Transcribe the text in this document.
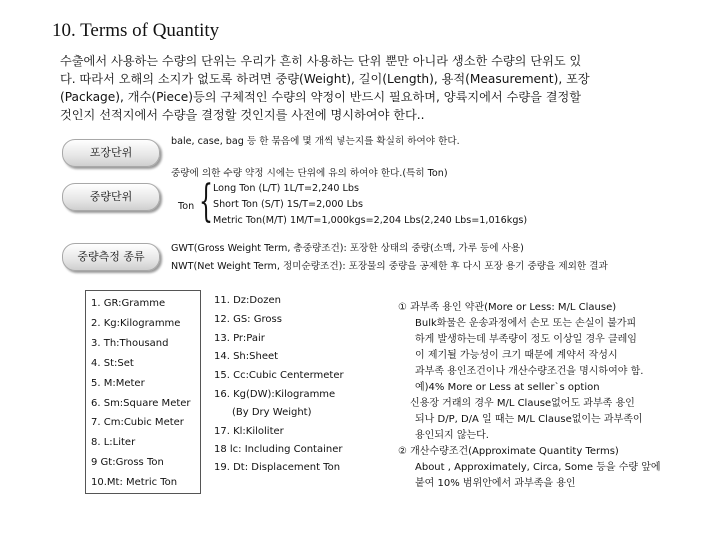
10. Terms of Quantity
수출에서 사용하는 수량의 단위는 우리가 흔히 사용하는 단위 뿐만 아니라 생소한 수량의 단위도 있
다. 따라서 오해의 소지가 없도록 하려면 중량(Weight), 길이(Length), 용적(Measurement), 포장
(Package), 개수(Piece)등의 구체적인 수량의 약정이 반드시 필요하며, 양륙지에서 수량을 결정할
것인지 선적지에서 수량을 결정할 것인지를 사전에 명시하여야 한다..
포장단위
중량단위
중량측정 종류
bale, case, bag 등 한 묶음에 몇 개씩 넣는지를 확실히 하여야 한다.
중량에 의한 수량 약정 시에는 단위에 유의 하여야 한다.(특히 Ton)
Ton { Long Ton (L/T) 1L/T=2,240 Lbs
Short Ton (S/T) 1S/T=2,000 Lbs
Metric Ton(M/T) 1M/T=1,000kgs=2,204 Lbs(2,240 Lbs=1,016kgs)
GWT(Gross Weight Term, 총중량조건): 포장한 상태의 중량(소맥, 가루 등에 사용)
NWT(Net Weight Term, 정미순량조건): 포장물의 중량을 공제한 후 다시 포장 용기 중량을 제외한 결과
1. GR:Gramme
2. Kg:Kilogramme
3. Th:Thousand
4. St:Set
5. M:Meter
6. Sm:Square Meter
7. Cm:Cubic Meter
8. L:Liter
9 Gt:Gross Ton
10.Mt: Metric Ton
11. Dz:Dozen
12. GS: Gross
13. Pr:Pair
14. Sh:Sheet
15. Cc:Cubic Centermeter
16. Kg(DW):Kilogramme
(By Dry Weight)
17. Kl:Kiloliter
18 lc: Including Container
19. Dt: Displacement Ton
① 과부족 용인 약관(More or Less: M/L Clause)
Bulk화물은 운송과정에서 손모 또는 손실이 불가피
하게 발생하는데 부족량이 정도 이상일 경우 클레임
이 제기될 가능성이 크기 때문에 계약서 작성시
과부족 용인조건이나 개산수량조건을 명시하여야 함.
예)4% More or Less at seller`s option
신용장 거래의 경우 M/L Clause없어도 과부족 용인
되나 D/P, D/A 일 때는 M/L Clause없이는 과부족이
용인되지 않는다.
② 개산수량조건(Approximate Quantity Terms)
About , Approximately, Circa, Some 등을 수량 앞에
붙여 10% 범위안에서 과부족을 용인
